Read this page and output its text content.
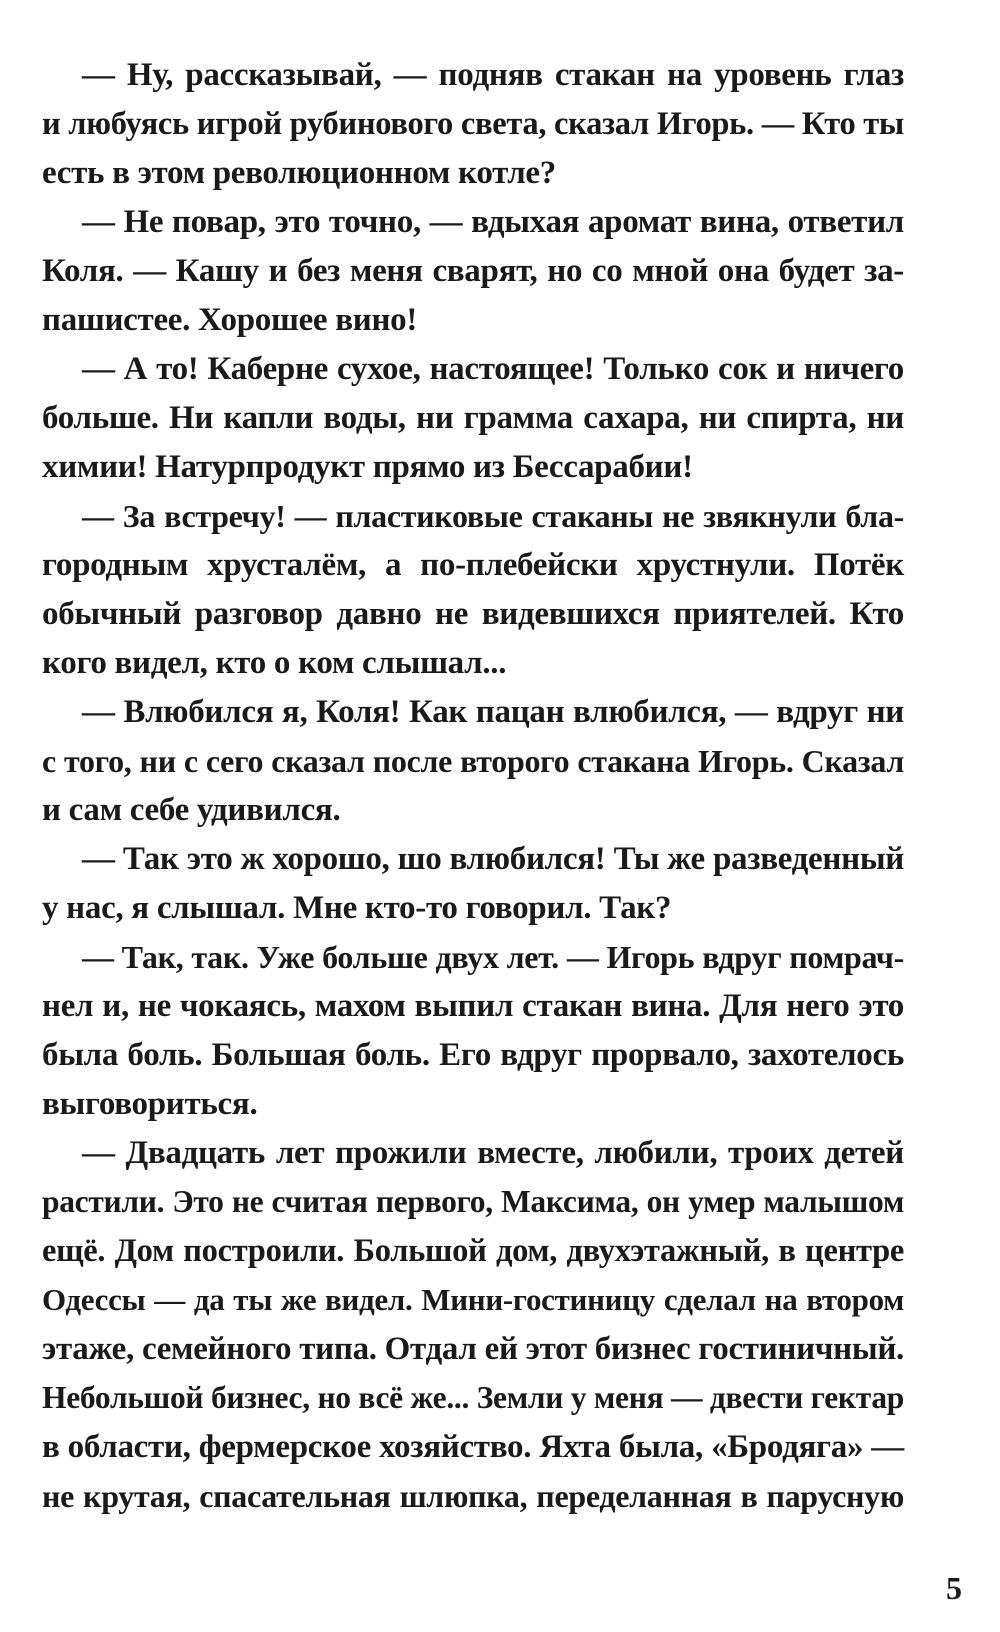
— Ну, рассказывай, — подняв стакан на уровень глаз
и любуясь игрой рубинового света, сказал Игорь. — Кто ты
есть в этом революционном котле?
— Не повар, это точно, — вдыхая аромат вина, ответил
Коля. — Кашу и без меня сварят, но со мной она будет за-
пашистее. Хорошее вино!
— А то! Каберне сухое, настоящее! Только сок и ничего
больше. Ни капли воды, ни грамма сахара, ни спирта, ни
химии! Натурпродукт прямо из Бессарабии!
— За встречу! — пластиковые стаканы не звякнули бла-
городным хрусталём, а по-плебейски хрустнули. Потёк
обычный разговор давно не видевшихся приятелей. Кто
кого видел, кто о ком слышал...
— Влюбился я, Коля! Как пацан влюбился, — вдруг ни
с того, ни с сего сказал после второго стакана Игорь. Сказал
и сам себе удивился.
— Так это ж хорошо, шо влюбился! Ты же разведенный
у нас, я слышал. Мне кто-то говорил. Так?
— Так, так. Уже больше двух лет. — Игорь вдруг помрач-
нел и, не чокаясь, махом выпил стакан вина. Для него это
была боль. Большая боль. Его вдруг прорвало, захотелось
выговориться.
— Двадцать лет прожили вместе, любили, троих детей
растили. Это не считая первого, Максима, он умер малышом
ещё. Дом построили. Большой дом, двухэтажный, в центре
Одессы — да ты же видел. Мини-гостиницу сделал на втором
этаже, семейного типа. Отдал ей этот бизнес гостиничный.
Небольшой бизнес, но всё же... Земли у меня — двести гектар
в области, фермерское хозяйство. Яхта была, «Бродяга» —
не крутая, спасательная шлюпка, переделанная в парусную
5
